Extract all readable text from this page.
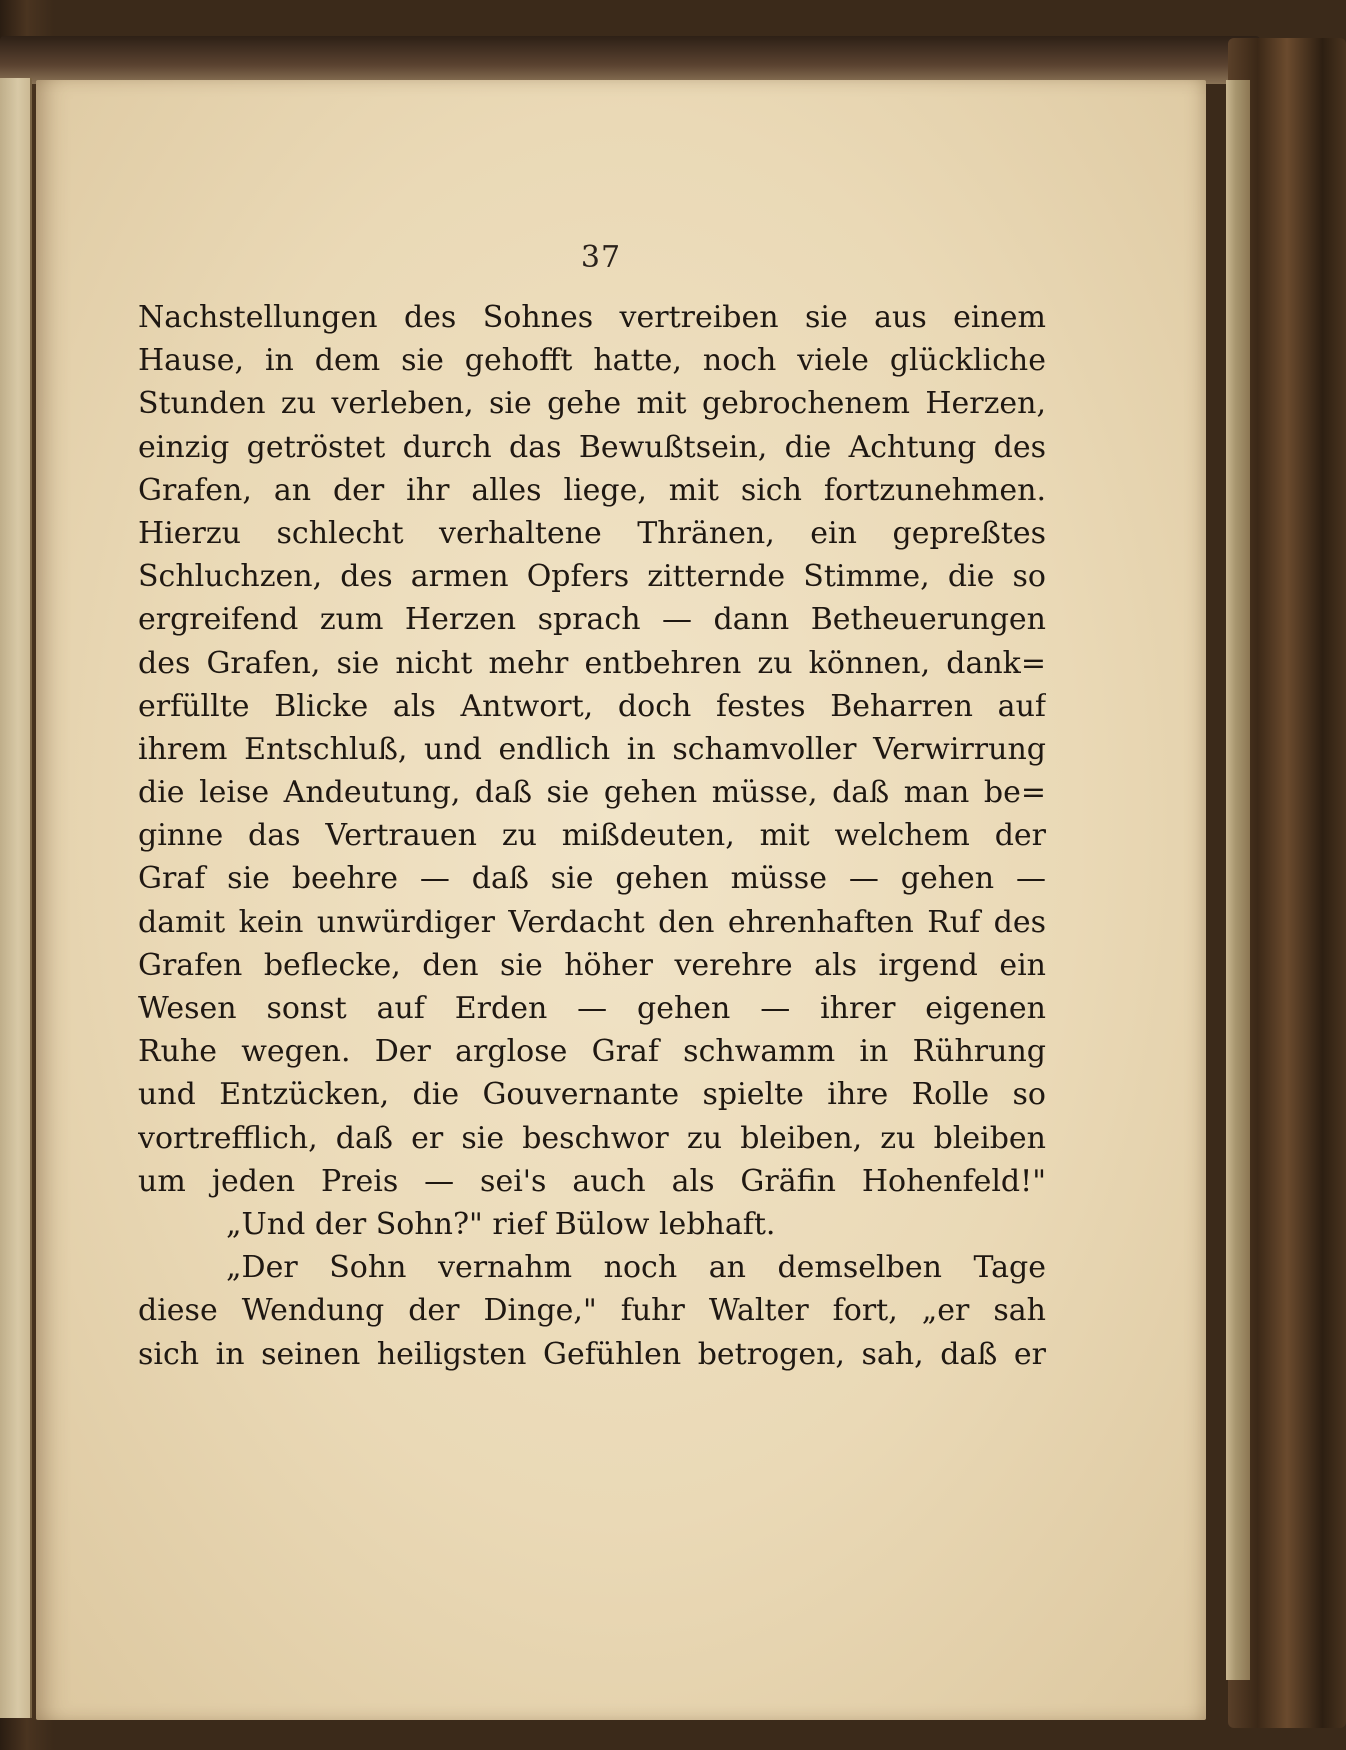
37
Nachstellungen des Sohnes vertreiben sie aus einem
Hause, in dem sie gehofft hatte, noch viele glückliche
Stunden zu verleben, sie gehe mit gebrochenem Herzen,
einzig getröstet durch das Bewußtsein, die Achtung des
Grafen, an der ihr alles liege, mit sich fortzunehmen.
Hierzu schlecht verhaltene Thränen, ein gepreßtes
Schluchzen, des armen Opfers zitternde Stimme, die so
ergreifend zum Herzen sprach — dann Betheuerungen
des Grafen, sie nicht mehr entbehren zu können, dank=
erfüllte Blicke als Antwort, doch festes Beharren auf
ihrem Entschluß, und endlich in schamvoller Verwirrung
die leise Andeutung, daß sie gehen müsse, daß man be=
ginne das Vertrauen zu mißdeuten, mit welchem der
Graf sie beehre — daß sie gehen müsse — gehen —
damit kein unwürdiger Verdacht den ehrenhaften Ruf des
Grafen beflecke, den sie höher verehre als irgend ein
Wesen sonst auf Erden — gehen — ihrer eigenen
Ruhe wegen. Der arglose Graf schwamm in Rührung
und Entzücken, die Gouvernante spielte ihre Rolle so
vortrefflich, daß er sie beschwor zu bleiben, zu bleiben
um jeden Preis — sei's auch als Gräfin Hohenfeld!"
„Und der Sohn?" rief Bülow lebhaft.
„Der Sohn vernahm noch an demselben Tage
diese Wendung der Dinge," fuhr Walter fort, „er sah
sich in seinen heiligsten Gefühlen betrogen, sah, daß er
